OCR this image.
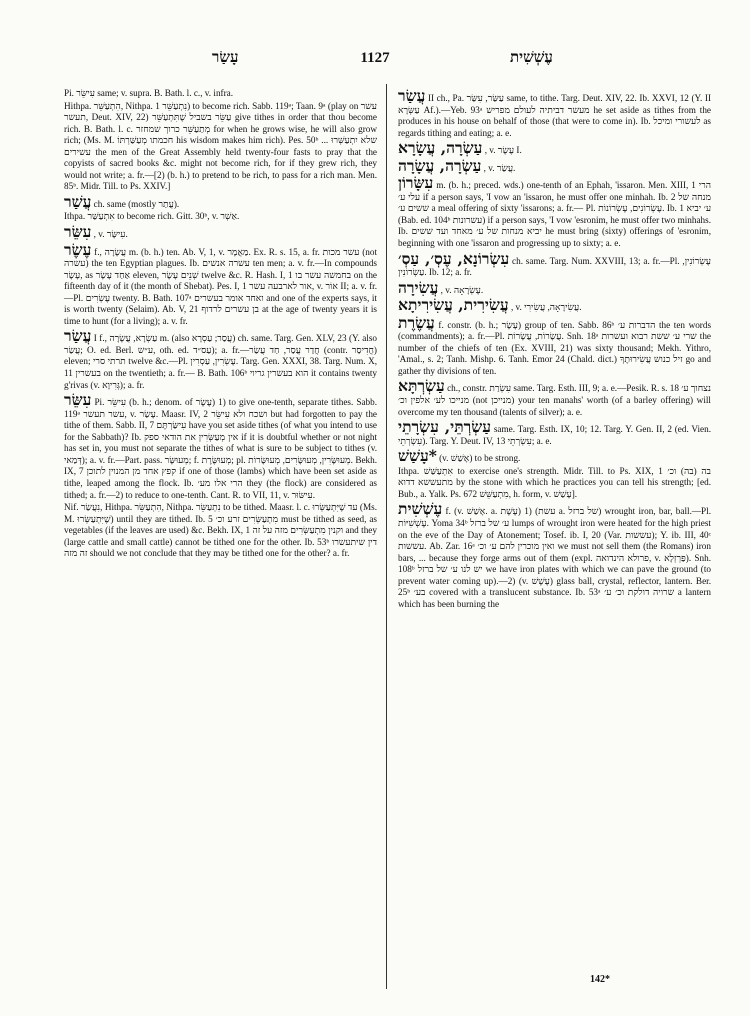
עָשַׂר	1127	עֶשְׁשִׁית
Pi. עִישֵּׂר same; v. supra. B. Bath. l. c., v. infra.
Hithpa. הִתְעַשֵּׁר, Nithpa. נִתְעַשֵּׁר 1) to become rich. Sabb. 119ᵃ; Taan. 9ᵃ (play on עשר תעשר, Deut. XIV, 22) עַשֵּׂר בשביל שֶׁתִּתְעַשֵּׁר give tithes in order that thou become rich. B. Bath. l. c. מְתַעַשֵּׁר כרוך שמחזר for when he grows wise, he will also grow rich; (Ms. M. חכמתו מְעַשַּׁרְתּוֹ his wisdom makes him rich). Pes. 50ᵇ ... שלא יִתְעַשְּׁרוּ עשירים the men of the Great Assembly held twenty-four fasts to pray that the copyists of sacred books &c. might not become rich, for if they grew rich, they would not write; a. fr.—[2) (b. h.) to pretend to be rich, to pass for a rich man. Men. 85ᵇ. Midr. Till. to Ps. XXIV.]
עֲשַׁר ch. same (mostly עֲתַר).
Ithpa. אִתְעַשַּׁר to become rich. Gitt. 30ᵇ, v. אַשְׁר.
עִשֵּׂר , v. עִישָּׂר.
עֶשֶׂר f., עֲשָׂרָה m. (b. h.) ten. Ab. V, 1, v. מַאֲמָר. Ex. R. s. 15, a. fr. עשר מכות (not עשרה) the ten Egyptian plagues. Ib. עשרה אנשים ten men; a. v. fr.—In compounds עָשָׂר, as אַחַד עָשָׂר eleven, שְׁנֵים עָשָׂר twelve &c. R. Hash. I, 1 בחמשה עשר בו on the fifteenth day of it (the month of Shebat). Pes. I, 1 אור לארבעה עשר, v. אוֹר II; a. v. fr.—Pl. עֶשְׂרִים twenty. B. Bath. 107ᵃ ואחד אומר בעשרים and one of the experts says, it is worth twenty (Selaim). Ab. V, 21 בן עשרים לרדוף at the age of twenty years it is time to hunt (for a living); a. v. fr.
עֲשַׂר I f., עַשְׂרָא, עֲשָׂרָה m. (also עֲסַר; עַסְרָא) ch. same. Targ. Gen. XLV, 23 (Y. also עֲשַׂר; O. ed. Berl. ע״ש, oth. ed. עַס״ד); a. fr.—חֲדַר עֲסַר, חַד עֲשַׂר (contr. חֲדִיסַר) eleven; תרתי סרי twelve &c.—Pl. עֶשְׂרִין, עַסְרִין. Targ. Gen. XXXI, 38. Targ. Num. X, 11 בעשרין on the twentieth; a. fr.— B. Bath. 106ᵇ הוא בעשרין גריוי it contains twenty g'rivas (v. גְּרִיוָא); a. fr.
עִשֵּׂר Pi. עִישֵּׂר (b. h.; denom. of עֶשֶׂר) 1) to give one-tenth, separate tithes. Sabb. 119ᵃ עשר תעשר, v. עָשַׂר. Maasr. IV, 2 ושכח ולא עִישֵּׂר but had forgotten to pay the tithe of them. Sabb. II, 7 עִישַּׂרְתֶּם have you set aside tithes (of what you intend to use for the Sabbath)? Ib. אין מְעַשְּׂרִין את הודאי ספק if it is doubtful whether or not night has set in, you must not separate the tithes of what is sure to be subject to tithes (v. דְּמַאי); a. v. fr.—Part. pass. מְעוּשָּׂר; f. מְעוּשֶּׂרֶת; pl. מְעוּשָּׂרִין, מְעוּשָּׂרִים, מְעוּשָּׂרוֹת. Bekh. IX, 7 קפץ אחד מן המנוין לתוכן if one of those (lambs) which have been set aside as tithe, leaped among the flock. Ib. הרי אלו מע׳ they (the flock) are considered as tithed; a. fr.—2) to reduce to one-tenth. Cant. R. to VII, 11, v. עִישּׂוּר.
Nif. נִעֲשַׂר, Hithpa. הִתְעַשֵּׂר, Nithpa. נִתְעַשֵּׂר to be tithed. Maasr. l. c. עד שֶׁיִּתְעַשְּׂרוּ (Ms. M. שֶׁיִּתְעַשְּׂרוּ) until they are tithed. Ib. 5 מִתְעַשְּׂרִים זרע וכ׳ must be tithed as seed, as vegetables (if the leaves are used) &c. Bekh. IX, 1 וקנין מִתְעַשְּׂרִים מזה על זה and they (large cattle and small cattle) cannot be tithed one for the other. Ib. 53ᵇ דין שיתעשרו זה מזה should we not conclude that they may be tithed one for the other? a. fr.
עֲשַׂר II ch., Pa. עַשַּׂר, עִשַּׂר same, to tithe. Targ. Deut. XIV, 22. Ib. XXVI, 12 (Y. II עַשְּׂרָא Af.).—Yeb. 93ᵃ מעשר דביתיה לעולם מפריש he set aside as tithes from the produces in his house on behalf of those (that were to come in). Ib. לעשורי ומיכל as regards tithing and eating; a. e.
עַשְׂרָה, עֲשָׂרָא , v. עֶשֶׂר I.
עַשְׂרָה, עֲשָׂרָה , v. עֲשַׂר.
עִשָּׂרוֹן m. (b. h.; preced. wds.) one-tenth of an Ephah, 'issaron. Men. XIII, 1 הרי עלי ע׳ if a person says, 'I vow an 'issaron, he must offer one minhah. Ib. 2 מנחה של ששים ע׳ a meal offering of sixty 'issarons; a. fr.— Pl. עֶשְׂרוֹנִים, עֶשְׂרוֹנוֹת. Ib. 1 ע׳ יביא (Bab. ed. 104ᵇ עשרונות) if a person says, 'I vow 'esronim, he must offer two minhahs. Ib. יביא מנחות של ע׳ מאחד ועד ששים he must bring (sixty) offerings of 'esronim, beginning with one 'issaron and progressing up to sixty; a. e.
עִשְׂרוֹנָא, עֶסְ׳, עַסְ׳ ch. same. Targ. Num. XXVIII, 13; a. fr.—Pl. עֶשְׂרוֹנִין, עַשְׂרוֹנִין. Ib. 12; a. fr.
עֲשִׂירָה , v. עֶשְׂרָאָה.
עֲשִׂירִית, עֲשִׂירִיתָא , v. עֲשִׂירָאָה, עֲשִׂירִי.
עֲשֶׂרֶת f. constr. (b. h.; עָשָׂר) group of ten. Sabb. 86ᵇ הדברות ע׳ the ten words (commandments); a. fr.—Pl. עֲשָׂרוֹת, עֲשָׂרוֹת. Snh. 18ᵃ שרי ע׳ ששת רבוא ועשרות the number of the chiefs of ten (Ex. XVIII, 21) was sixty thousand; Mekh. Yithro, 'Amal., s. 2; Tanh. Mishp. 6. Tanh. Emor 24 (Chald. dict.) זיל כנוש עֲשִׂירוּתֶךָ go and gather thy divisions of ten.
עַשְׂרְתָּא ch., constr. עִשְׂרַת same. Targ. Esth. III, 9; a. e.—Pesik. R. s. 18 נצחוך ע׳ מנייכו לע׳ אלפין וכ׳ (not מנייכן) your ten manahs' worth (of a barley offering) will overcome my ten thousand (talents of silver); a. e.
עַשְׂרְתֵּי, עִשְׂרָתֵי same. Targ. Esth. IX, 10; 12. Targ. Y. Gen. II, 2 (ed. Vien. עִשְׂרְתֵי). Targ. Y. Deut. IV, 13 עִשְׂרְתֵי; a. e.
*עָשַׁשׁ (v. אָשַׁשׁ) to be strong.
Ithpa. אִתְעַשַּׁשׁ to exercise one's strength. Midr. Till. to Ps. XIX, 1 בה (בה) וכ׳ מתעששא דדוא by the stone with which he practices you can tell his strength; [ed. Bub., a. Yalk. Ps. 672 מִתְעַשֵּׁשׁ, h. form, v. עָשַׁשׁ].
עֶשְׁשִׁית f. (v. אָשַׁשׁ. a. עֶשֶׁת) 1) (עשת a. של ברזל) wrought iron, bar, ball.—Pl. עֶשְׁשִׁיּוֹת. Yoma 34ᵇ ע׳ של ברזל lumps of wrought iron were heated for the high priest on the eve of the Day of Atonement; Tosef. ib. I, 20 (Var. עששות); Y. ib. III, 40ᶜ עששות. Ab. Zar. 16ᵃ ואין מוכרין להם ע׳ וכ׳ we must not sell them (the Romans) iron bars, ... because they forge arms out of them (expl. פרולא הינדואה, v. פַּרְזְלָא). Snh. 108ᵇ יש לנו ע׳ של ברזל we have iron plates with which we can pave the ground (to prevent water coming up).—2) (v. עֶשֶׁשׁ) glass ball, crystal, reflector, lantern. Ber. 25ᵇ בע׳ covered with a translucent substance. Ib. 53ᵃ שרויה דולקת וכ׳ ע׳ a lantern which has been burning the
142*
